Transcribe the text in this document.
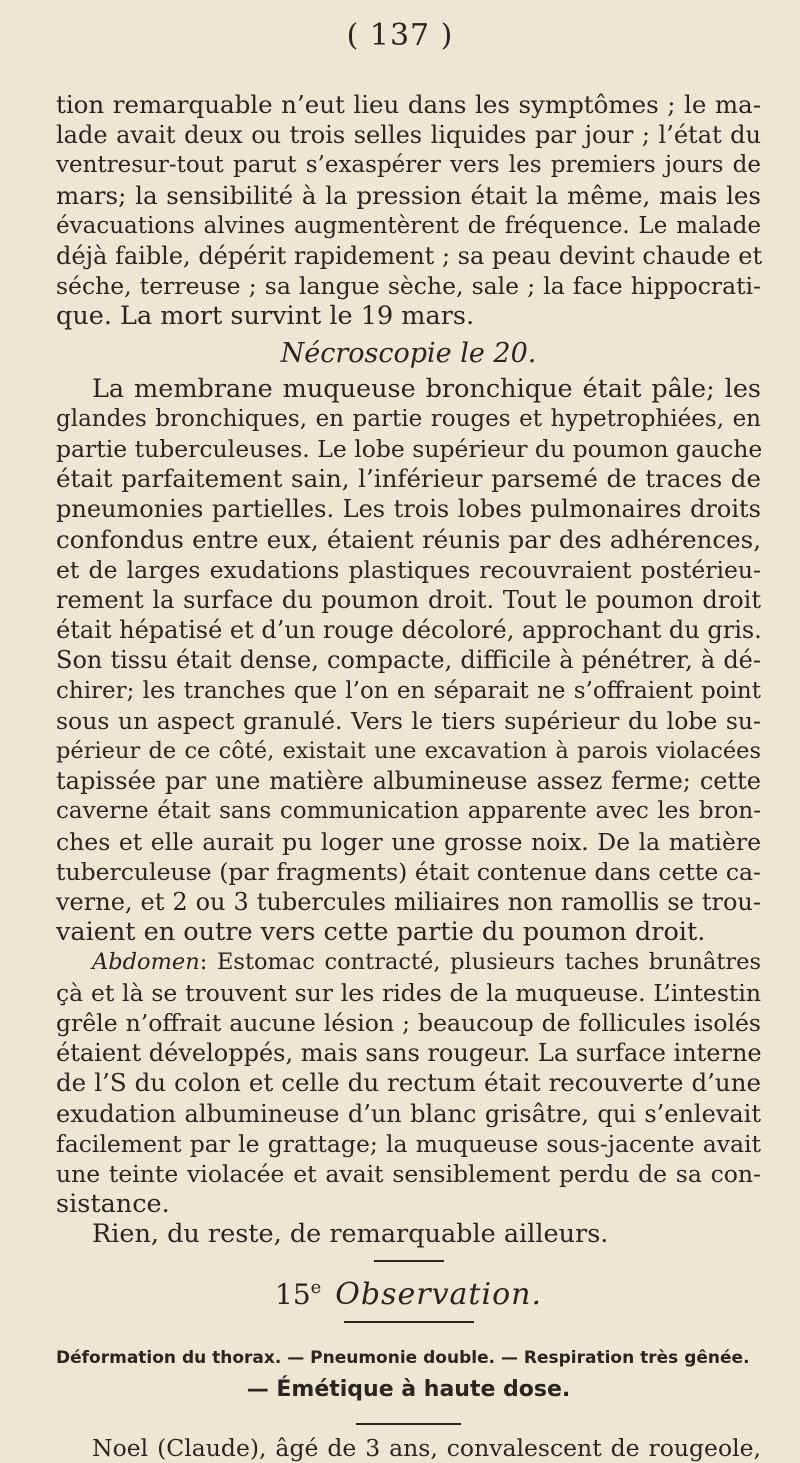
( 137 )
tion remarquable n’eut lieu dans les symptômes ; le ma-
lade avait deux ou trois selles liquides par jour ; l’état du
ventresur-tout parut s’exaspérer vers les premiers jours de
mars; la sensibilité à la pression était la même, mais les
évacuations alvines augmentèrent de fréquence. Le malade
déjà faible, dépérit rapidement ; sa peau devint chaude et
séche, terreuse ; sa langue sèche, sale ; la face hippocrati-
que. La mort survint le 19 mars.
Nécroscopie le 20.
La membrane muqueuse bronchique était pâle; les
glandes bronchiques, en partie rouges et hypetrophiées, en
partie tuberculeuses. Le lobe supérieur du poumon gauche
était parfaitement sain, l’inférieur parsemé de traces de
pneumonies partielles. Les trois lobes pulmonaires droits
confondus entre eux, étaient réunis par des adhérences,
et de larges exudations plastiques recouvraient postérieu-
rement la surface du poumon droit. Tout le poumon droit
était hépatisé et d’un rouge décoloré, approchant du gris.
Son tissu était dense, compacte, difficile à pénétrer, à dé-
chirer; les tranches que l’on en séparait ne s’offraient point
sous un aspect granulé. Vers le tiers supérieur du lobe su-
périeur de ce côté, existait une excavation à parois violacées
tapissée par une matière albumineuse assez ferme; cette
caverne était sans communication apparente avec les bron-
ches et elle aurait pu loger une grosse noix. De la matière
tuberculeuse (par fragments) était contenue dans cette ca-
verne, et 2 ou 3 tubercules miliaires non ramollis se trou-
vaient en outre vers cette partie du poumon droit.
Abdomen: Estomac contracté, plusieurs taches brunâtres
çà et là se trouvent sur les rides de la muqueuse. L’intestin
grêle n’offrait aucune lésion ; beaucoup de follicules isolés
étaient développés, mais sans rougeur. La surface interne
de l’S du colon et celle du rectum était recouverte d’une
exudation albumineuse d’un blanc grisâtre, qui s’enlevait
facilement par le grattage; la muqueuse sous-jacente avait
une teinte violacée et avait sensiblement perdu de sa con-
sistance.
Rien, du reste, de remarquable ailleurs.
15e Observation.
Déformation du thorax. — Pneumonie double. — Respiration très gênée.
— Émétique à haute dose.
Noel (Claude), âgé de 3 ans, convalescent de rougeole,
